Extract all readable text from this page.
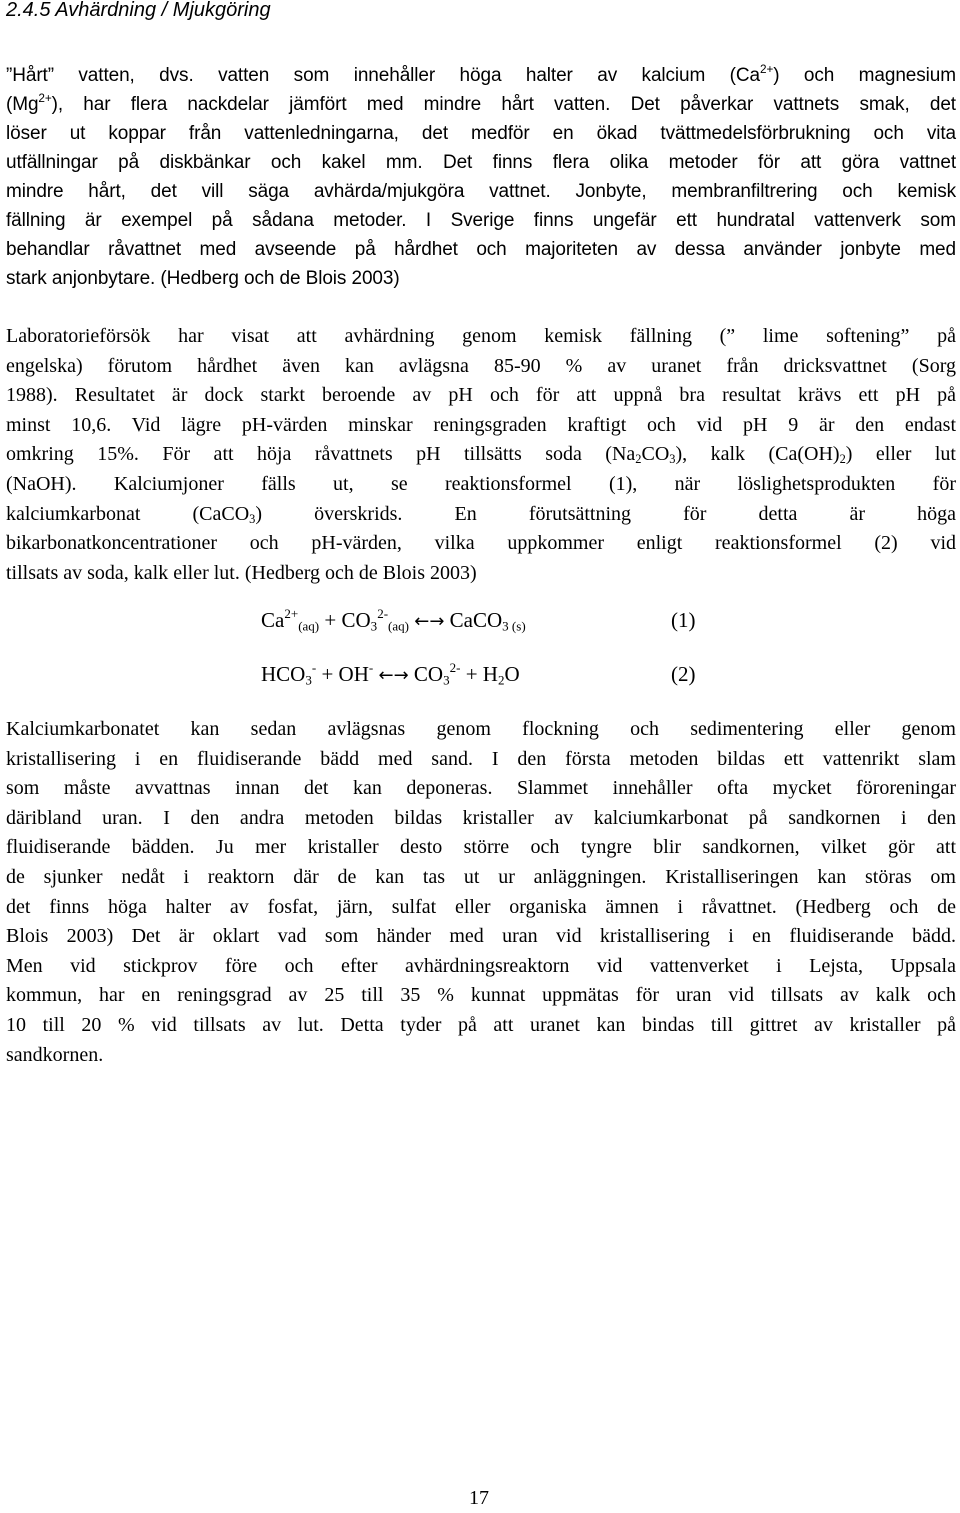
2.4.5 Avhärdning / Mjukgöring
”Hårt” vatten, dvs. vatten som innehåller höga halter av kalcium $(Ca^{2+})$ och magnesium
$(Mg^{2+})$, har flera nackdelar jämfört med mindre hårt vatten. Det påverkar vattnets smak, det
löser ut koppar från vattenledningarna, det medför en ökad tvättmedelsförbrukning och vita
utfällningar på diskbänkar och kakel mm. Det finns flera olika metoder för att göra vattnet
mindre hårt, det vill säga avhärda/mjukgöra vattnet. Jonbyte, membranfiltrering och kemisk
fällning är exempel på sådana metoder. I Sverige finns ungefär ett hundratal vattenverk som
behandlar råvattnet med avseende på hårdhet och majoriteten av dessa använder jonbyte med
stark anjonbytare. (Hedberg och de Blois 2003)
Laboratorieförsök har visat att avhärdning genom kemisk fällning (” lime softening” på
engelska) förutom hårdhet även kan avlägsna 85-90 % av uranet från dricksvattnet (Sorg
1988). Resultatet är dock starkt beroende av pH och för att uppnå bra resultat krävs ett pH på
minst 10,6. Vid lägre pH-värden minskar reningsgraden kraftigt och vid pH 9 är den endast
omkring 15%. För att höja råvattnets pH tillsätts soda $(Na_2CO_3)$, kalk $(Ca(OH)_2)$ eller lut
(NaOH). Kalciumjoner fälls ut, se reaktionsformel (1), när löslighetsprodukten för
kalciumkarbonat (CaCO$_3$) överskrids. En förutsättning för detta är höga
bikarbonatkoncentrationer och pH-värden, vilka uppkommer enligt reaktionsformel (2) vid
tillsats av soda, kalk eller lut. (Hedberg och de Blois 2003)
$Ca^{2+}_{(aq)} + CO_3^{2-}_{(aq)}$ ←→ CaCO$_{3 (s)}$	(1)
$HCO_3^- + OH^-$ ←→ $CO_3^{2-} + H_2O$	(2)
Kalciumkarbonatet kan sedan avlägsnas genom flockning och sedimentering eller genom
kristallisering i en fluidiserande bädd med sand. I den första metoden bildas ett vattenrikt slam
som måste avvattnas innan det kan deponeras. Slammet innehåller ofta mycket föroreningar
däribland uran. I den andra metoden bildas kristaller av kalciumkarbonat på sandkornen i den
fluidiserande bädden. Ju mer kristaller desto större och tyngre blir sandkornen, vilket gör att
de sjunker nedåt i reaktorn där de kan tas ut ur anläggningen. Kristalliseringen kan störas om
det finns höga halter av fosfat, järn, sulfat eller organiska ämnen i råvattnet. (Hedberg och de
Blois 2003) Det är oklart vad som händer med uran vid kristallisering i en fluidiserande bädd.
Men vid stickprov före och efter avhärdningsreaktorn vid vattenverket i Lejsta, Uppsala
kommun, har en reningsgrad av 25 till 35 % kunnat uppmätas för uran vid tillsats av kalk och
10 till 20 % vid tillsats av lut. Detta tyder på att uranet kan bindas till gittret av kristaller på
sandkornen.
17
